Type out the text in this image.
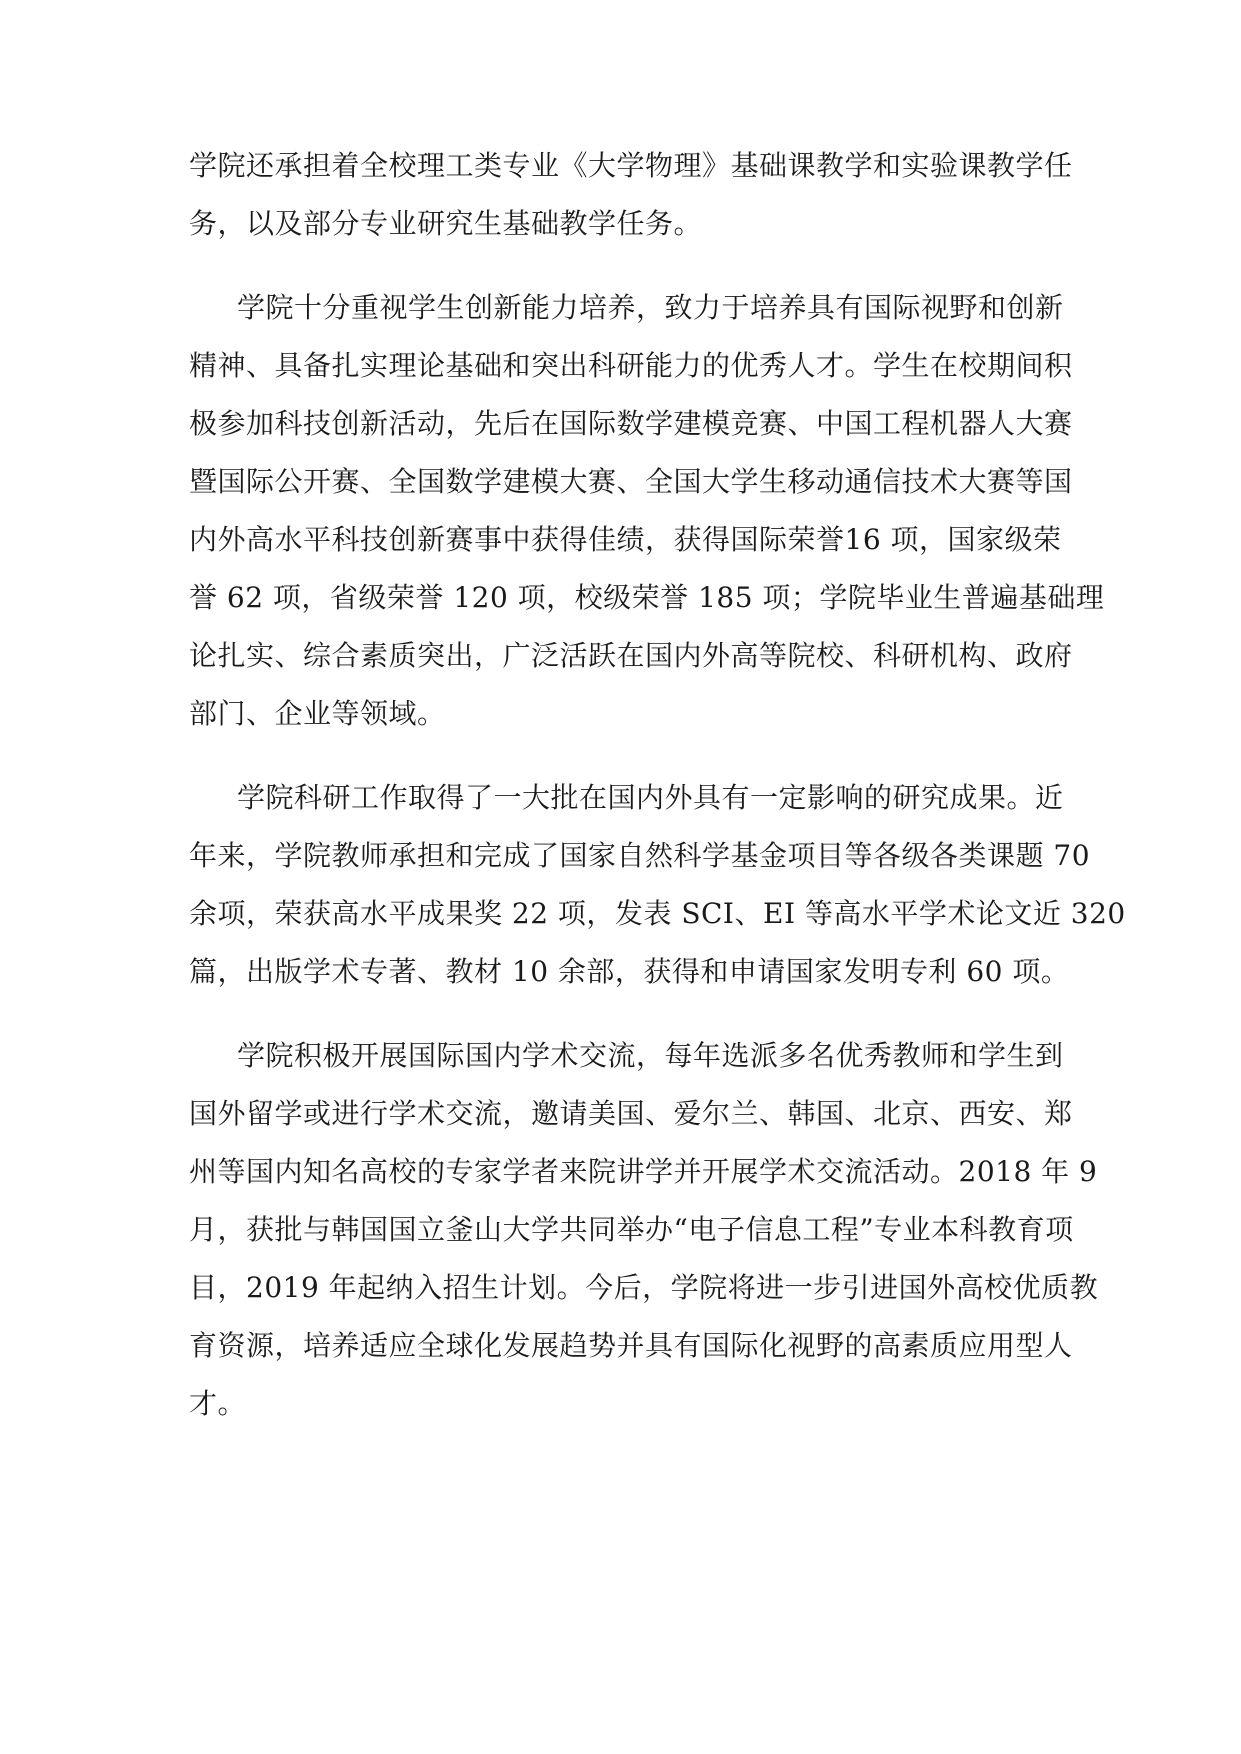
学院还承担着全校理工类专业《大学物理》基础课教学和实验课教学任
务，以及部分专业研究生基础教学任务。
学院十分重视学生创新能力培养，致力于培养具有国际视野和创新
精神、具备扎实理论基础和突出科研能力的优秀人才。学生在校期间积
极参加科技创新活动，先后在国际数学建模竞赛、中国工程机器人大赛
暨国际公开赛、全国数学建模大赛、全国大学生移动通信技术大赛等国
内外高水平科技创新赛事中获得佳绩，获得国际荣誉16 项，国家级荣
誉 62 项，省级荣誉 120 项，校级荣誉 185 项；学院毕业生普遍基础理
论扎实、综合素质突出，广泛活跃在国内外高等院校、科研机构、政府
部门、企业等领域。
学院科研工作取得了一大批在国内外具有一定影响的研究成果。近
年来，学院教师承担和完成了国家自然科学基金项目等各级各类课题 70
余项，荣获高水平成果奖 22 项，发表 SCI、EI 等高水平学术论文近 320
篇，出版学术专著、教材 10 余部，获得和申请国家发明专利 60 项。
学院积极开展国际国内学术交流，每年选派多名优秀教师和学生到
国外留学或进行学术交流，邀请美国、爱尔兰、韩国、北京、西安、郑
州等国内知名高校的专家学者来院讲学并开展学术交流活动。2018 年 9
月，获批与韩国国立釜山大学共同举办“电子信息工程”专业本科教育项
目，2019 年起纳入招生计划。今后，学院将进一步引进国外高校优质教
育资源，培养适应全球化发展趋势并具有国际化视野的高素质应用型人
才。
